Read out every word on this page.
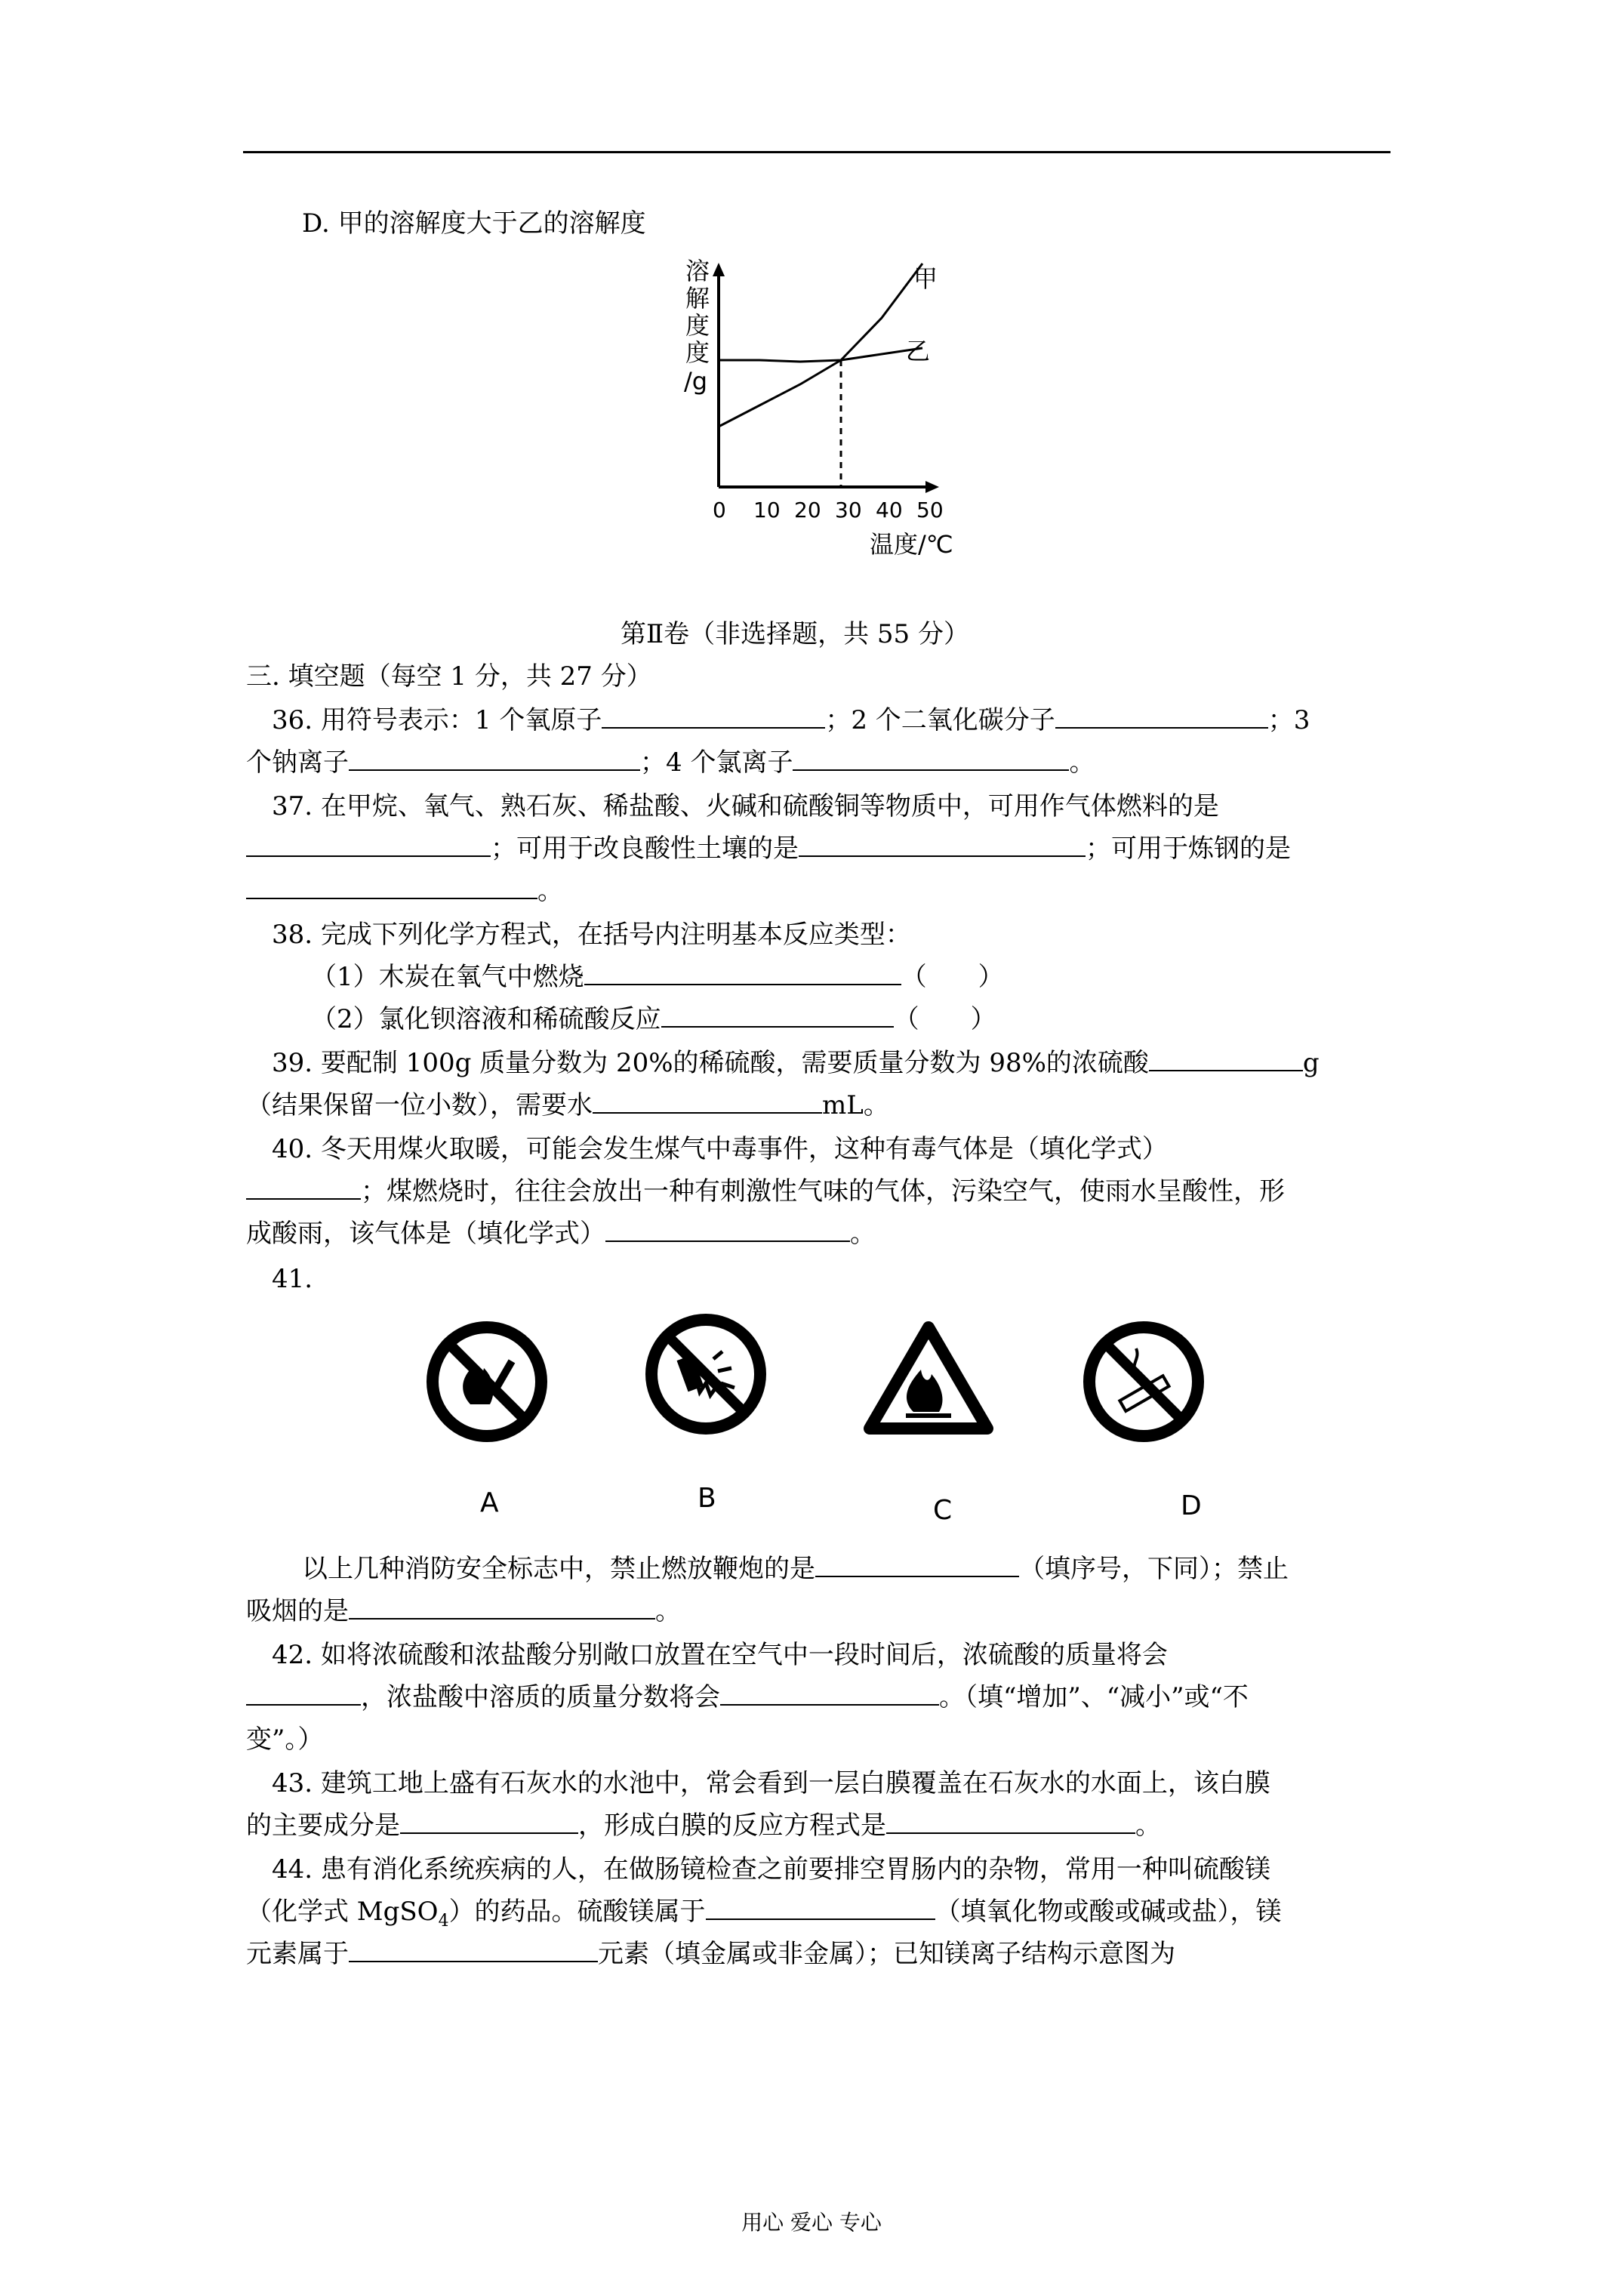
D. 甲的溶解度大于乙的溶解度
溶
解
度
度
/g
甲
乙
0 10 20 30 40 50
温度/℃
第Ⅱ卷（非选择题，共 55 分）
三. 填空题（每空 1 分，共 27 分）
36. 用符号表示：1 个氧原子	；2 个二氧化碳分子	；3
个钠离子	；4 个氯离子	。
37. 在甲烷、氧气、熟石灰、稀盐酸、火碱和硫酸铜等物质中，可用作气体燃料的是
；可用于改良酸性土壤的是	；可用于炼钢的是
。
38. 完成下列化学方程式，在括号内注明基本反应类型：
（1）木炭在氧气中燃烧	（　　）
（2）氯化钡溶液和稀硫酸反应	（　　）
39. 要配制 100g 质量分数为 20%的稀硫酸，需要质量分数为 98%的浓硫酸	g
（结果保留一位小数），需要水	mL。
40. 冬天用煤火取暖，可能会发生煤气中毒事件，这种有毒气体是（填化学式）
；煤燃烧时，往往会放出一种有刺激性气味的气体，污染空气，使雨水呈酸性，形
成酸雨，该气体是（填化学式）	。
41.
A	B	C	D
以上几种消防安全标志中，禁止燃放鞭炮的是	（填序号，下同）；禁止
吸烟的是	。
42. 如将浓硫酸和浓盐酸分别敞口放置在空气中一段时间后，浓硫酸的质量将会
，浓盐酸中溶质的质量分数将会	。（填“增加”、“减小”或“不
变”。）
43. 建筑工地上盛有石灰水的水池中，常会看到一层白膜覆盖在石灰水的水面上，该白膜
的主要成分是	，形成白膜的反应方程式是	。
44. 患有消化系统疾病的人，在做肠镜检查之前要排空胃肠内的杂物，常用一种叫硫酸镁
（化学式 MgSO$_4$）的药品。硫酸镁属于	（填氧化物或酸或碱或盐），镁
元素属于	元素（填金属或非金属）；已知镁离子结构示意图为
用心 爱心 专心
